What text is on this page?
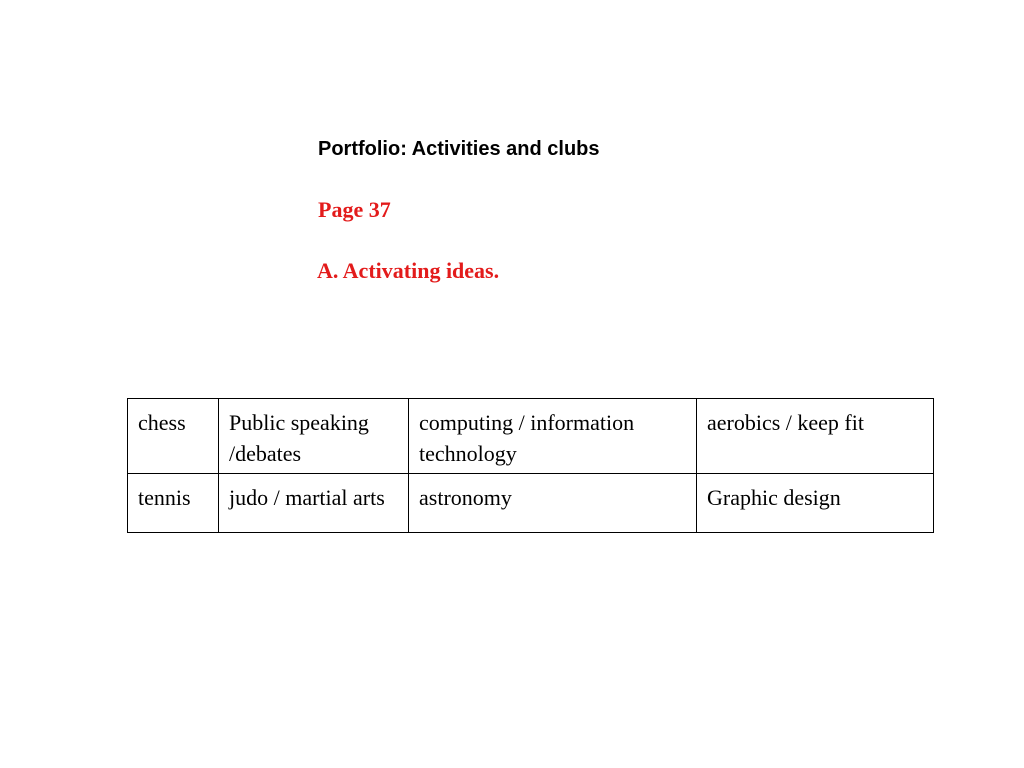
Portfolio: Activities and clubs
Page 37
A. Activating ideas.
chess	Public speaking /debates	computing / information technology	aerobics / keep fit
tennis	judo / martial arts	astronomy	Graphic design
